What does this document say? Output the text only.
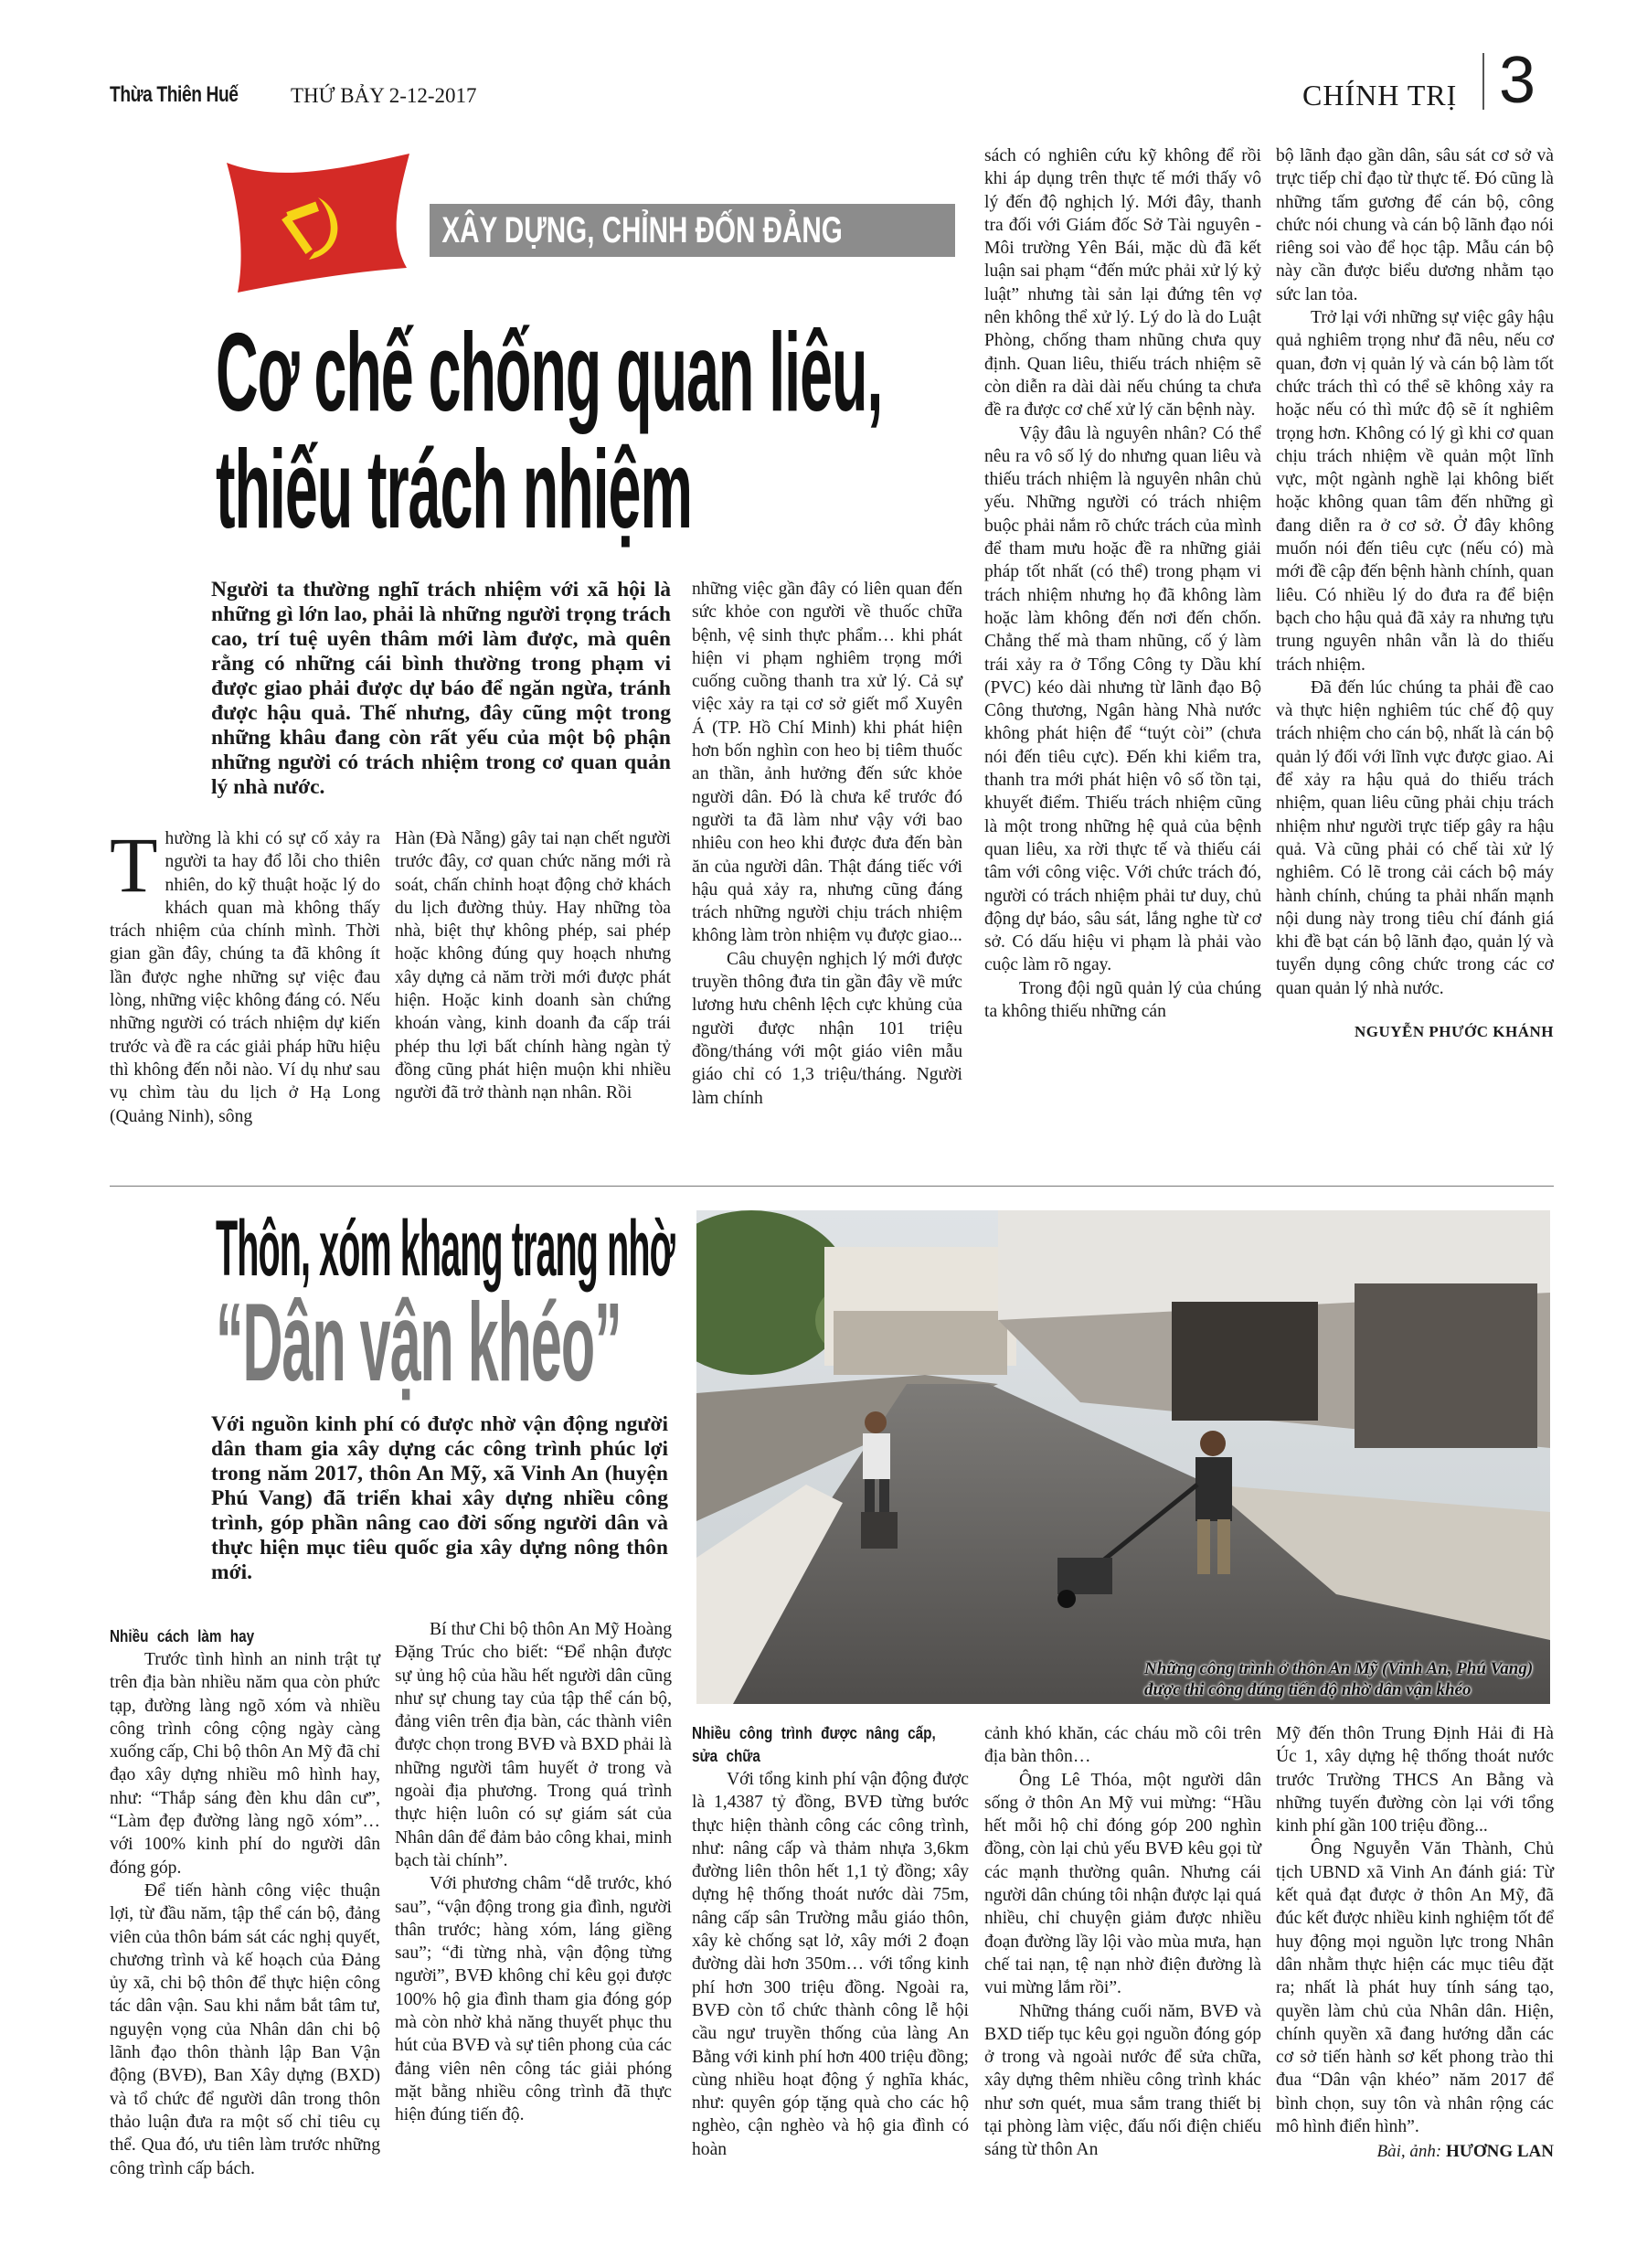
Thừa Thiên Huế THỨ BẢY 2-12-2017	CHÍNH TRỊ 3
XÂY DỰNG, CHỈNH ĐỐN ĐẢNG
Cơ chế chống quan liêu,
thiếu trách nhiệm
Người ta thường nghĩ trách nhiệm với xã hội là những gì lớn lao, phải là những người trọng trách cao, trí tuệ uyên thâm mới làm được, mà quên rằng có những cái bình thường trong phạm vi được giao phải được dự báo để ngăn ngừa, tránh được hậu quả. Thế nhưng, đây cũng một trong những khâu đang còn rất yếu của một bộ phận những người có trách nhiệm trong cơ quan quản lý nhà nước.
T hường là khi có sự cố xảy ra người ta hay đổ lỗi cho thiên nhiên, do kỹ thuật hoặc lý do khách quan mà không thấy trách nhiệm của chính mình. Thời gian gần đây, chúng ta đã không ít lần được nghe những sự việc đau lòng, những việc không đáng có. Nếu những người có trách nhiệm dự kiến trước và đề ra các giải pháp hữu hiệu thì không đến nỗi nào. Ví dụ như sau vụ chìm tàu du lịch ở Hạ Long (Quảng Ninh), sông

Hàn (Đà Nẵng) gây tai nạn chết người trước đây, cơ quan chức năng mới rà soát, chấn chỉnh hoạt động chở khách du lịch đường thủy. Hay những tòa nhà, biệt thự không phép, sai phép hoặc không đúng quy hoạch nhưng xây dựng cả năm trời mới được phát hiện. Hoặc kinh doanh sàn chứng khoán vàng, kinh doanh đa cấp trái phép thu lợi bất chính hàng ngàn tỷ đồng cũng phát hiện muộn khi nhiều người đã trở thành nạn nhân. Rồi

những việc gần đây có liên quan đến sức khỏe con người về thuốc chữa bệnh, vệ sinh thực phẩm… khi phát hiện vi phạm nghiêm trọng mới cuống cuồng thanh tra xử lý. Cả sự việc xảy ra tại cơ sở giết mổ Xuyên Á (TP. Hồ Chí Minh) khi phát hiện hơn bốn nghìn con heo bị tiêm thuốc an thần, ảnh hưởng đến sức khỏe người dân. Đó là chưa kể trước đó người ta đã làm như vậy với bao nhiêu con heo khi được đưa đến bàn ăn của người dân. Thật đáng tiếc với hậu quả xảy ra, nhưng cũng đáng trách những người chịu trách nhiệm không làm tròn nhiệm vụ được giao...

Câu chuyện nghịch lý mới được truyền thông đưa tin gần đây về mức lương hưu chênh lệch cực khủng của người được nhận 101 triệu đồng/tháng với một giáo viên mẫu giáo chỉ có 1,3 triệu/tháng. Người làm chính

sách có nghiên cứu kỹ không để rồi khi áp dụng trên thực tế mới thấy vô lý đến độ nghịch lý. Mới đây, thanh tra đối với Giám đốc Sở Tài nguyên - Môi trường Yên Bái, mặc dù đã kết luận sai phạm “đến mức phải xử lý kỷ luật” nhưng tài sản lại đứng tên vợ nên không thể xử lý. Lý do là do Luật Phòng, chống tham nhũng chưa quy định. Quan liêu, thiếu trách nhiệm sẽ còn diễn ra dài dài nếu chúng ta chưa đề ra được cơ chế xử lý căn bệnh này.

Vậy đâu là nguyên nhân? Có thể nêu ra vô số lý do nhưng quan liêu và thiếu trách nhiệm là nguyên nhân chủ yếu. Những người có trách nhiệm buộc phải nắm rõ chức trách của mình để tham mưu hoặc đề ra những giải pháp tốt nhất (có thể) trong phạm vi trách nhiệm nhưng họ đã không làm hoặc làm không đến nơi đến chốn. Chẳng thế mà tham nhũng, cố ý làm trái xảy ra ở Tổng Công ty Dầu khí (PVC) kéo dài nhưng từ lãnh đạo Bộ Công thương, Ngân hàng Nhà nước không phát hiện để “tuýt còi” (chưa nói đến tiêu cực). Đến khi kiểm tra, thanh tra mới phát hiện vô số tồn tại, khuyết điểm. Thiếu trách nhiệm cũng là một trong những hệ quả của bệnh quan liêu, xa rời thực tế và thiếu cái tâm với công việc. Với chức trách đó, người có trách nhiệm phải tư duy, chủ động dự báo, sâu sát, lắng nghe từ cơ sở. Có dấu hiệu vi phạm là phải vào cuộc làm rõ ngay.

Trong đội ngũ quản lý của chúng ta không thiếu những cán

bộ lãnh đạo gần dân, sâu sát cơ sở và trực tiếp chỉ đạo từ thực tế. Đó cũng là những tấm gương để cán bộ, công chức nói chung và cán bộ lãnh đạo nói riêng soi vào để học tập. Mẫu cán bộ này cần được biểu dương nhằm tạo sức lan tỏa.

Trở lại với những sự việc gây hậu quả nghiêm trọng như đã nêu, nếu cơ quan, đơn vị quản lý và cán bộ làm tốt chức trách thì có thể sẽ không xảy ra hoặc nếu có thì mức độ sẽ ít nghiêm trọng hơn. Không có lý gì khi cơ quan chịu trách nhiệm về quản một lĩnh vực, một ngành nghề lại không biết hoặc không quan tâm đến những gì đang diễn ra ở cơ sở. Ở đây không muốn nói đến tiêu cực (nếu có) mà mới đề cập đến bệnh hành chính, quan liêu. Có nhiều lý do đưa ra để biện bạch cho hậu quả đã xảy ra nhưng tựu trung nguyên nhân vẫn là do thiếu trách nhiệm.

Đã đến lúc chúng ta phải đề cao và thực hiện nghiêm túc chế độ quy trách nhiệm cho cán bộ, nhất là cán bộ quản lý đối với lĩnh vực được giao. Ai để xảy ra hậu quả do thiếu trách nhiệm, quan liêu cũng phải chịu trách nhiệm như người trực tiếp gây ra hậu quả. Và cũng phải có chế tài xử lý nghiêm. Có lẽ trong cải cách bộ máy hành chính, chúng ta phải nhấn mạnh nội dung này trong tiêu chí đánh giá khi đề bạt cán bộ lãnh đạo, quản lý và tuyển dụng công chức trong các cơ quan quản lý nhà nước.

NGUYỄN PHƯỚC KHÁNH
Thôn, xóm khang trang nhờ
“Dân vận khéo”
Những công trình ở thôn An Mỹ (Vinh An, Phú Vang)
được thi công đúng tiến độ nhờ dân vận khéo
Với nguồn kinh phí có được nhờ vận động người dân tham gia xây dựng các công trình phúc lợi trong năm 2017, thôn An Mỹ, xã Vinh An (huyện Phú Vang) đã triển khai xây dựng nhiều công trình, góp phần nâng cao đời sống người dân và thực hiện mục tiêu quốc gia xây dựng nông thôn mới.
Nhiều cách làm hay

Trước tình hình an ninh trật tự trên địa bàn nhiều năm qua còn phức tạp, đường làng ngõ xóm và nhiều công trình công cộng ngày càng xuống cấp, Chi bộ thôn An Mỹ đã chỉ đạo xây dựng nhiều mô hình hay, như: “Thắp sáng đèn khu dân cư”, “Làm đẹp đường làng ngõ xóm”… với 100% kinh phí do người dân đóng góp.

Để tiến hành công việc thuận lợi, từ đầu năm, tập thể cán bộ, đảng viên của thôn bám sát các nghị quyết, chương trình và kế hoạch của Đảng ủy xã, chi bộ thôn để thực hiện công tác dân vận. Sau khi nắm bắt tâm tư, nguyện vọng của Nhân dân chi bộ lãnh đạo thôn thành lập Ban Vận động (BVĐ), Ban Xây dựng (BXD) và tổ chức để người dân trong thôn thảo luận đưa ra một số chỉ tiêu cụ thể. Qua đó, ưu tiên làm trước những công trình cấp bách.

Bí thư Chi bộ thôn An Mỹ Hoàng Đặng Trúc cho biết: “Để nhận được sự ủng hộ của hầu hết người dân cũng như sự chung tay của tập thể cán bộ, đảng viên trên địa bàn, các thành viên được chọn trong BVĐ và BXD phải là những người tâm huyết ở trong và ngoài địa phương. Trong quá trình thực hiện luôn có sự giám sát của Nhân dân để đảm bảo công khai, minh bạch tài chính”.

Với phương châm “dễ trước, khó sau”, “vận động trong gia đình, người thân trước; hàng xóm, láng giềng sau”; “đi từng nhà, vận động từng người”, BVĐ không chỉ kêu gọi được 100% hộ gia đình tham gia đóng góp mà còn nhờ khả năng thuyết phục thu hút của BVĐ và sự tiên phong của các đảng viên nên công tác giải phóng mặt bằng nhiều công trình đã thực hiện đúng tiến độ.

Nhiều công trình được nâng cấp, sửa chữa

Với tổng kinh phí vận động được là 1,4387 tỷ đồng, BVĐ từng bước thực hiện thành công các công trình, như: nâng cấp và thảm nhựa 3,6km đường liên thôn hết 1,1 tỷ đồng; xây dựng hệ thống thoát nước dài 75m, nâng cấp sân Trường mẫu giáo thôn, xây kè chống sạt lở, xây mới 2 đoạn đường dài hơn 350m… với tổng kinh phí hơn 300 triệu đồng. Ngoài ra, BVĐ còn tổ chức thành công lễ hội cầu ngư truyền thống của làng An Bằng với kinh phí hơn 400 triệu đồng; cùng nhiều hoạt động ý nghĩa khác, như: quyên góp tặng quà cho các hộ nghèo, cận nghèo và hộ gia đình có hoàn

cảnh khó khăn, các cháu mồ côi trên địa bàn thôn…

Ông Lê Thóa, một người dân sống ở thôn An Mỹ vui mừng: “Hầu hết mỗi hộ chỉ đóng góp 200 nghìn đồng, còn lại chủ yếu BVĐ kêu gọi từ các mạnh thường quân. Nhưng cái người dân chúng tôi nhận được lại quá nhiều, chỉ chuyện giảm được nhiều đoạn đường lầy lội vào mùa mưa, hạn chế tai nạn, tệ nạn nhờ điện đường là vui mừng lắm rồi”.

Những tháng cuối năm, BVĐ và BXD tiếp tục kêu gọi nguồn đóng góp ở trong và ngoài nước để sửa chữa, xây dựng thêm nhiều công trình khác như sơn quét, mua sắm trang thiết bị tại phòng làm việc, đấu nối điện chiếu sáng từ thôn An

Mỹ đến thôn Trung Định Hải đi Hà Úc 1, xây dựng hệ thống thoát nước trước Trường THCS An Bằng và những tuyến đường còn lại với tổng kinh phí gần 100 triệu đồng...

Ông Nguyễn Văn Thành, Chủ tịch UBND xã Vinh An đánh giá: Từ kết quả đạt được ở thôn An Mỹ, đã đúc kết được nhiều kinh nghiệm tốt để huy động mọi nguồn lực trong Nhân dân nhằm thực hiện các mục tiêu đặt ra; nhất là phát huy tính sáng tạo, quyền làm chủ của Nhân dân. Hiện, chính quyền xã đang hướng dẫn các cơ sở tiến hành sơ kết phong trào thi đua “Dân vận khéo” năm 2017 để bình chọn, suy tôn và nhân rộng các mô hình điển hình”.

Bài, ảnh: HƯƠNG LAN
